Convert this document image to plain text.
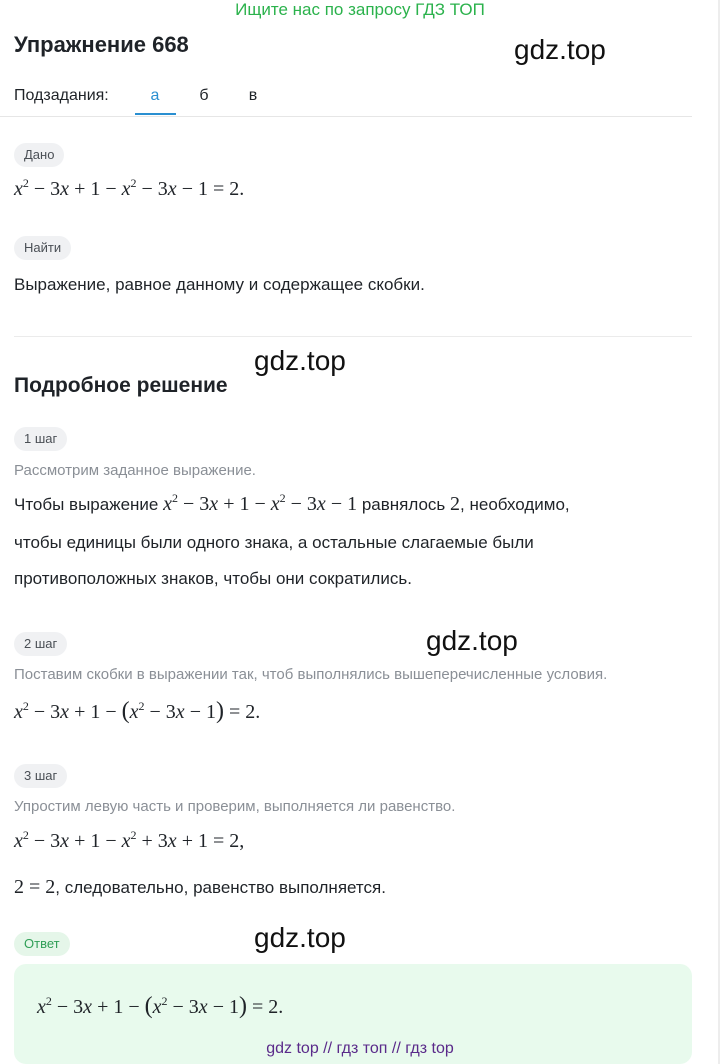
Ищите нас по запросу ГДЗ ТОП
Упражнение 668	gdz.top
Подзадания:	а	б	в
Дано
$x^2 - 3x + 1 - x^2 - 3x - 1 = 2$.
Найти
Выражение, равное данному и содержащее скобки.
gdz.top
Подробное решение
1 шаг
Рассмотрим заданное выражение.
Чтобы выражение $x^2 - 3x + 1 - x^2 - 3x - 1$ равнялось 2, необходимо,
чтобы единицы были одного знака, а остальные слагаемые были
противоположных знаков, чтобы они сократились.
2 шаг	gdz.top
Поставим скобки в выражении так, чтоб выполнялись вышеперечисленные условия.
$x^2 - 3x + 1 - (x^2 - 3x - 1) = 2$.
3 шаг
Упростим левую часть и проверим, выполняется ли равенство.
$x^2 - 3x + 1 - x^2 + 3x + 1 = 2$,
2 = 2, следовательно, равенство выполняется.
Ответ	gdz.top
$x^2 - 3x + 1 - (x^2 - 3x - 1) = 2$.
gdz top // гдз топ // гдз top
